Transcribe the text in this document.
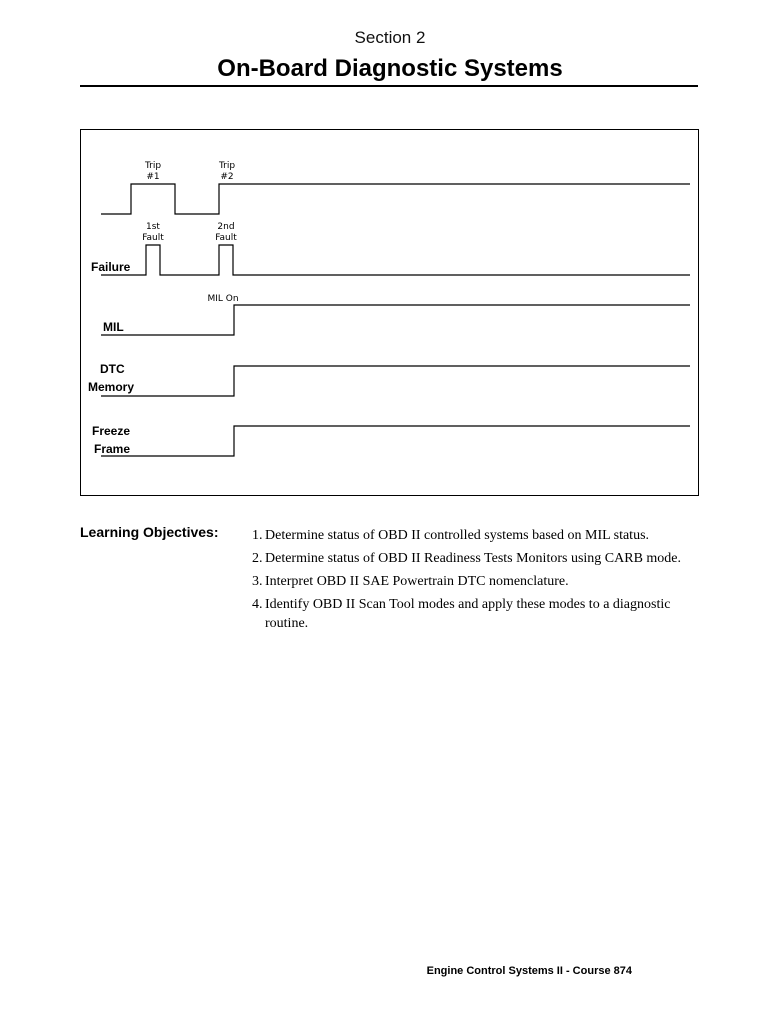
Section 2
On-Board Diagnostic Systems
Trip
#1
Trip
#2
1st
Fault
2nd
Fault
Failure
MIL On
MIL
DTC
Memory
Freeze
Frame
Learning Objectives: 1. Determine status of OBD II controlled systems based on MIL status.
2. Determine status of OBD II Readiness Tests Monitors using CARB mode.
3. Interpret OBD II SAE Powertrain DTC nomenclature.
4. Identify OBD II Scan Tool modes and apply these modes to a diagnostic routine.
Engine Control Systems II - Course 874
